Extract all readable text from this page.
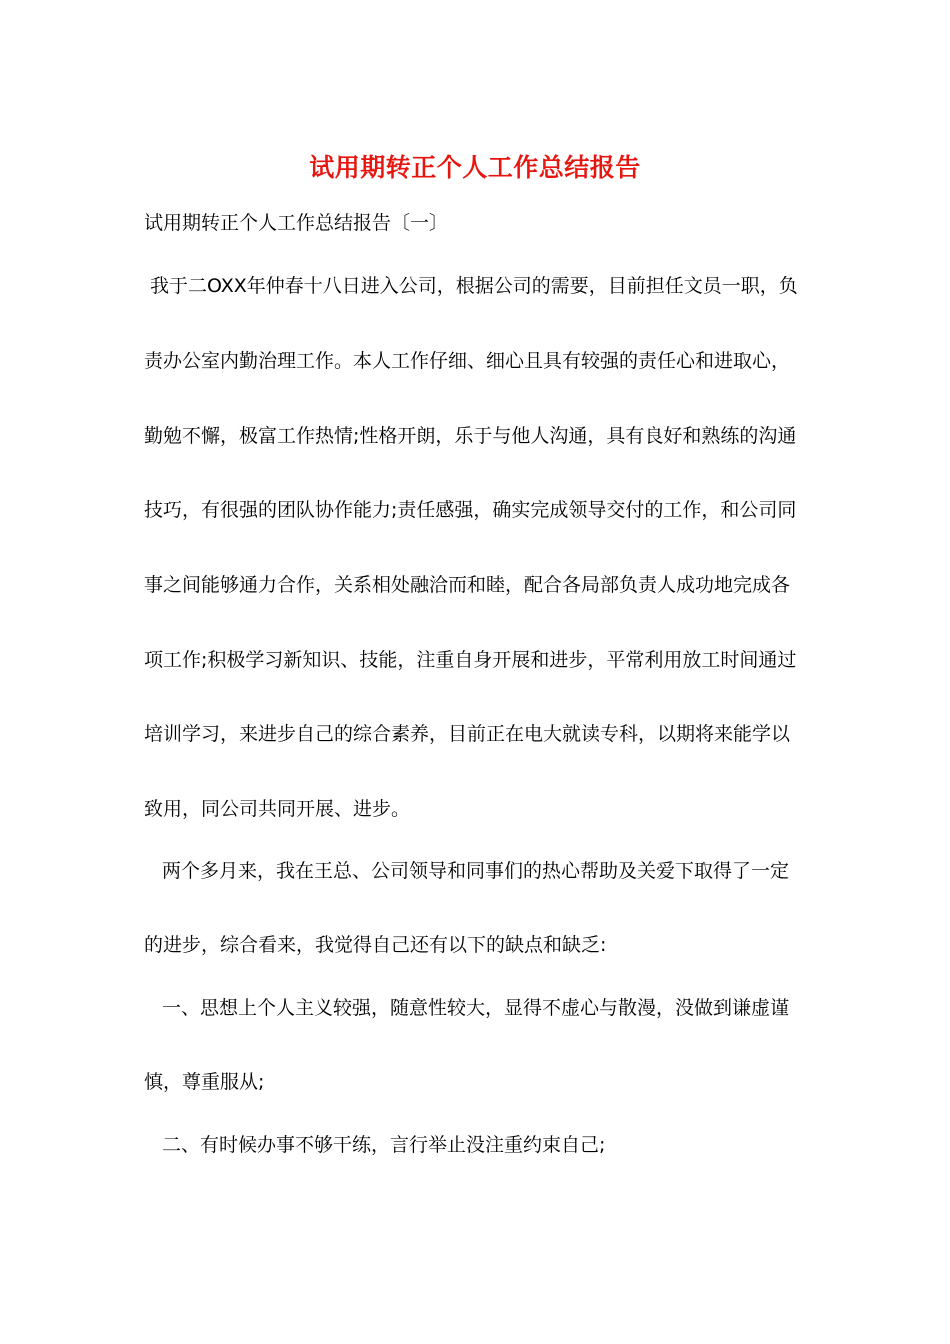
试用期转正个人工作总结报告
试用期转正个人工作总结报告〔一〕
我于二OXX年仲春十八日进入公司，根据公司的需要，目前担任文员一职，负
责办公室内勤治理工作。本人工作仔细、细心且具有较强的责任心和进取心，
勤勉不懈，极富工作热情;性格开朗，乐于与他人沟通，具有良好和熟练的沟通
技巧，有很强的团队协作能力;责任感强，确实完成领导交付的工作，和公司同
事之间能够通力合作，关系相处融洽而和睦，配合各局部负责人成功地完成各
项工作;积极学习新知识、技能，注重自身开展和进步，平常利用放工时间通过
培训学习，来进步自己的综合素养，目前正在电大就读专科，以期将来能学以
致用，同公司共同开展、进步。
两个多月来，我在王总、公司领导和同事们的热心帮助及关爱下取得了一定
的进步，综合看来，我觉得自己还有以下的缺点和缺乏:
一、思想上个人主义较强，随意性较大，显得不虚心与散漫，没做到谦虚谨
慎，尊重服从;
二、有时候办事不够干练，言行举止没注重约束自己;
